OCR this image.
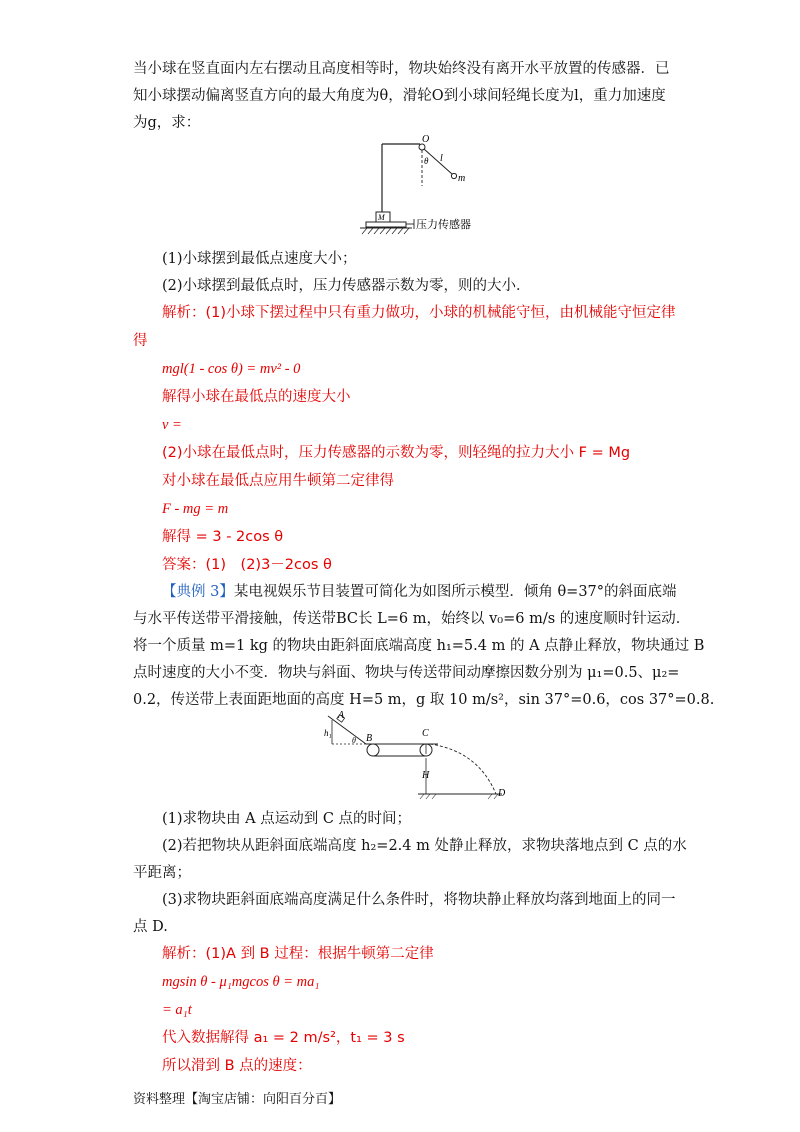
当小球在竖直面内左右摆动且高度相等时，物块始终没有离开水平放置的传感器．已
知小球摆动偏离竖直方向的最大角度为θ，滑轮O到小球间轻绳长度为l，重力加速度
为g，求：
O
l
θ
m
M
压力传感器
(1)小球摆到最低点速度大小；
(2)小球摆到最低点时，压力传感器示数为零，则的大小．
解析：(1)小球下摆过程中只有重力做功，小球的机械能守恒，由机械能守恒定律
得
mgl(1 - cos θ) = mv² - 0
解得小球在最低点的速度大小
v =
(2)小球在最低点时，压力传感器的示数为零，则轻绳的拉力大小 F = Mg
对小球在最低点应用牛顿第二定律得
F - mg = m
解得 = 3 - 2cos θ
答案：(1)　(2)3－2cos θ
【典例 3】某电视娱乐节目装置可简化为如图所示模型．倾角 θ=37°的斜面底端
与水平传送带平滑接触，传送带BC长 L=6 m，始终以 v₀=6 m/s 的速度顺时针运动．
将一个质量 m=1 kg 的物块由距斜面底端高度 h₁=5.4 m 的 A 点静止释放，物块通过 B
点时速度的大小不变．物块与斜面、物块与传送带间动摩擦因数分别为 μ₁=0.5、μ₂=
0.2，传送带上表面距地面的高度 H=5 m，g 取 10 m/s²，sin 37°=0.6，cos 37°=0.8.
A
h₁
θ B	C
H
D
(1)求物块由 A 点运动到 C 点的时间；
(2)若把物块从距斜面底端高度 h₂=2.4 m 处静止释放，求物块落地点到 C 点的水
平距离；
(3)求物块距斜面底端高度满足什么条件时，将物块静止释放均落到地面上的同一
点 D.
解析：(1)A 到 B 过程：根据牛顿第二定律
mgsin θ - μ₁mgcos θ = ma₁
= a₁t
代入数据解得 a₁ = 2 m/s²，t₁ = 3 s
所以滑到 B 点的速度：
资料整理【淘宝店铺：向阳百分百】
